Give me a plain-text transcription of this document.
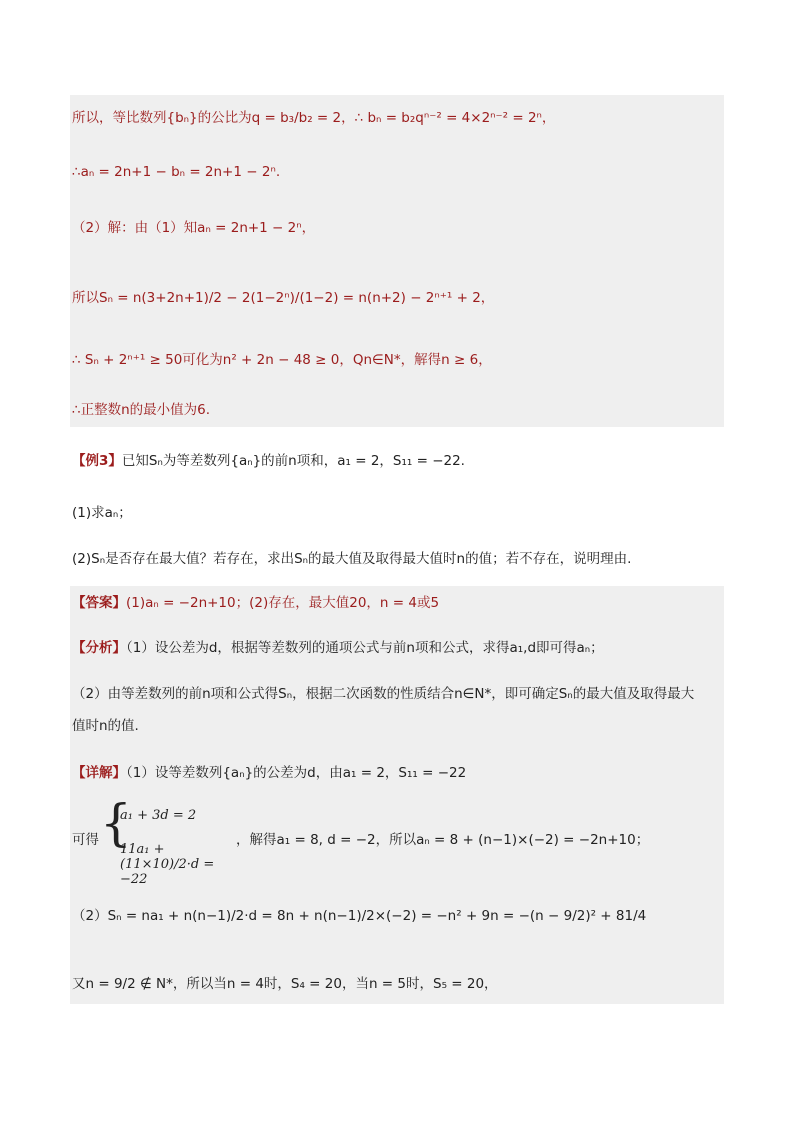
所以，等比数列{bₙ}的公比为q = b₃/b₂ = 2，∴ bₙ = b₂qⁿ⁻² = 4×2ⁿ⁻² = 2ⁿ，
∴aₙ = 2n+1 − bₙ = 2n+1 − 2ⁿ.
（2）解：由（1）知aₙ = 2n+1 − 2ⁿ，
所以Sₙ = n(3+2n+1)/2 − 2(1−2ⁿ)/(1−2) = n(n+2) − 2ⁿ⁺¹ + 2，
∴ Sₙ + 2ⁿ⁺¹ ≥ 50可化为n² + 2n − 48 ≥ 0，Qn∈N*，解得n ≥ 6，
∴正整数n的最小值为6.
【例3】已知Sₙ为等差数列{aₙ}的前n项和，a₁ = 2，S₁₁ = −22.
(1)求aₙ；
(2)Sₙ是否存在最大值？若存在，求出Sₙ的最大值及取得最大值时n的值；若不存在，说明理由.
【答案】(1)aₙ = −2n+10；(2)存在，最大值20，n = 4或5
【分析】（1）设公差为d，根据等差数列的通项公式与前n项和公式，求得a₁,d即可得aₙ；
（2）由等差数列的前n项和公式得Sₙ，根据二次函数的性质结合n∈N*，即可确定Sₙ的最大值及取得最大
值时n的值.
【详解】（1）设等差数列{aₙ}的公差为d，由a₁ = 2，S₁₁ = −22
可得 {
a₁ + 3d = 2
11a₁ + (11×10)/2·d = −22
，解得a₁ = 8, d = −2，所以aₙ = 8 + (n−1)×(−2) = −2n+10；
（2）Sₙ = na₁ + n(n−1)/2·d = 8n + n(n−1)/2×(−2) = −n² + 9n = −(n − 9/2)² + 81/4
又n = 9/2 ∉ N*，所以当n = 4时，S₄ = 20，当n = 5时，S₅ = 20，
